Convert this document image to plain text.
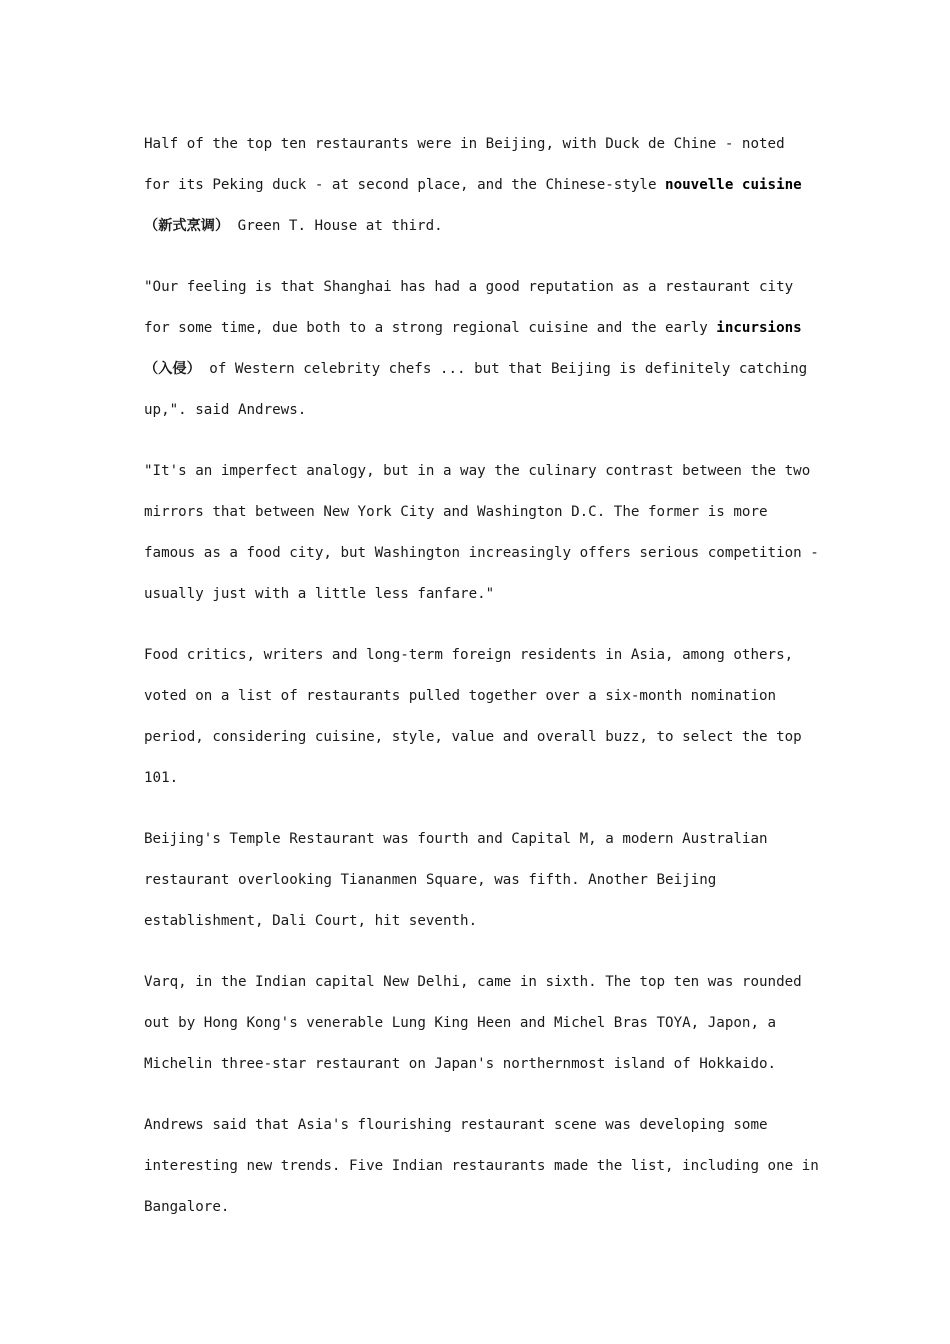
Half of the top ten restaurants were in Beijing, with Duck de Chine - noted
for its Peking duck - at second place, and the Chinese-style nouvelle cuisine
（新式烹调） Green T. House at third.
"Our feeling is that Shanghai has had a good reputation as a restaurant city
for some time, due both to a strong regional cuisine and the early incursions
（入侵） of Western celebrity chefs ... but that Beijing is definitely catching
up,". said Andrews.
"It's an imperfect analogy, but in a way the culinary contrast between the two
mirrors that between New York City and Washington D.C. The former is more
famous as a food city, but Washington increasingly offers serious competition -
usually just with a little less fanfare."
Food critics, writers and long-term foreign residents in Asia, among others,
voted on a list of restaurants pulled together over a six-month nomination
period, considering cuisine, style, value and overall buzz, to select the top
101.
Beijing's Temple Restaurant was fourth and Capital M, a modern Australian
restaurant overlooking Tiananmen Square, was fifth. Another Beijing
establishment, Dali Court, hit seventh.
Varq, in the Indian capital New Delhi, came in sixth. The top ten was rounded
out by Hong Kong's venerable Lung King Heen and Michel Bras TOYA, Japon, a
Michelin three-star restaurant on Japan's northernmost island of Hokkaido.
Andrews said that Asia's flourishing restaurant scene was developing some
interesting new trends. Five Indian restaurants made the list, including one in
Bangalore.
